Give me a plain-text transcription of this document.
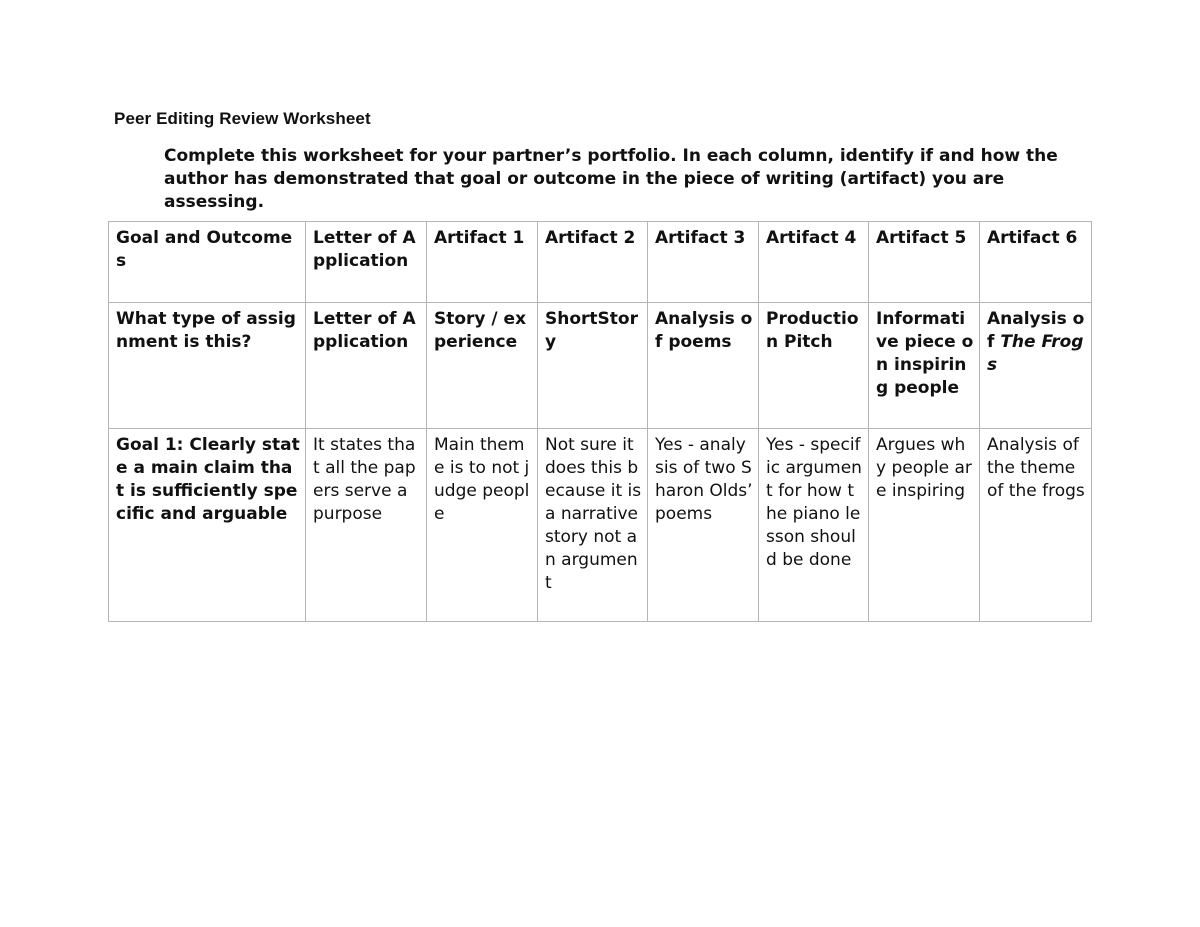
Peer Editing Review Worksheet
Complete this worksheet for your partner’s portfolio. In each column, identify if and how the author has demonstrated that goal or outcome in the piece of writing (artifact) you are assessing.
Goal and Outcomes	Letter of Application	Artifact 1	Artifact 2	Artifact 3	Artifact 4	Artifact 5	Artifact 6
What type of assignment is this?	Letter of Application	Story / experience	ShortStory	Analysis of poems	Production Pitch	Informative piece on inspiring people	Analysis of The Frogs
Goal 1: Clearly state a main claim that is sufficiently specific and arguable	It states that all the papers serve a purpose	Main theme is to not judge people	Not sure it does this because it is a narrative story not an argument	Yes - analysis of two Sharon Olds’ poems	Yes - specific argument for how the piano lesson should be done	Argues why people are inspiring	Analysis of the theme of the frogs
